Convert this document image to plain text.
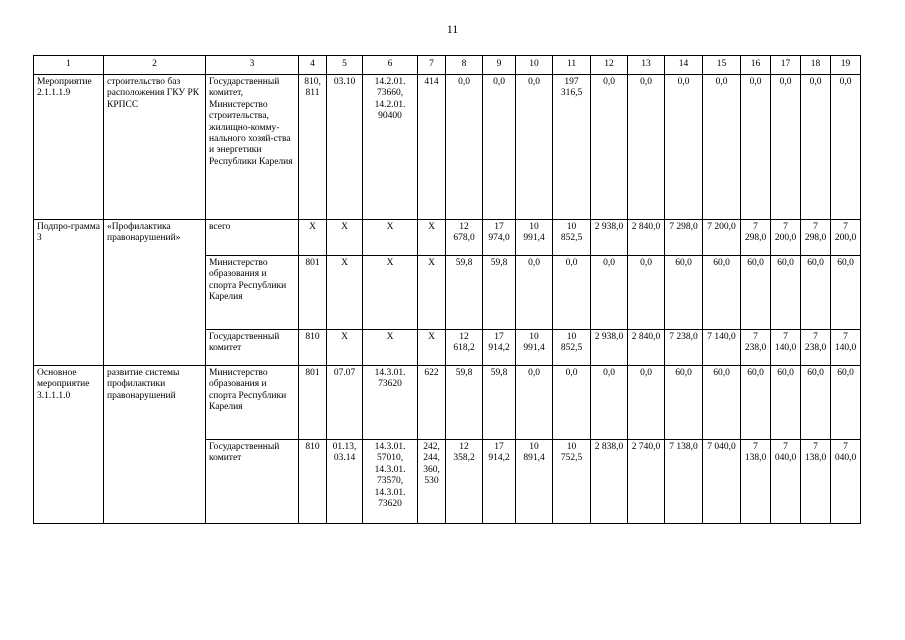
11
1	2	3	4	5	6	7	8	9	10	11	12	13	14	15	16	17	18	19
Мероприятие 2.1.1.1.9	строительство баз расположения ГКУ РК КРПСС	Государственный комитет, Министерство строительства, жилищно-комму-нального хозяй-ства и энергетики Республики Карелия	810, 811	03.10	14.2.01. 73660, 14.2.01. 90400	414	0,0	0,0	0,0	197 316,5	0,0	0,0	0,0	0,0	0,0	0,0	0,0	0,0
Подпро-грамма 3	«Профилактика правонарушений»	всего	Х	Х	Х	Х	12 678,0	17 974,0	10 991,4	10 852,5	2 938,0	2 840,0	7 298,0	7 200,0	7 298,0	7 200,0	7 298,0	7 200,0
		Министерство образования и спорта Республики Карелия	801	Х	Х	Х	59,8	59,8	0,0	0,0	0,0	0,0	60,0	60,0	60,0	60,0	60,0	60,0
		Государственный комитет	810	Х	Х	Х	12 618,2	17 914,2	10 991,4	10 852,5	2 938,0	2 840,0	7 238,0	7 140,0	7 238,0	7 140,0	7 238,0	7 140,0
Основное мероприятие 3.1.1.1.0	развитие системы профилактики правонарушений	Министерство образования и спорта Республики Карелия	801	07.07	14.3.01. 73620	622	59,8	59,8	0,0	0,0	0,0	0,0	60,0	60,0	60,0	60,0	60,0	60,0
		Государственный комитет	810	01.13, 03.14	14.3.01. 57010, 14.3.01. 73570, 14.3.01. 73620	242, 244, 360, 530	12 358,2	17 914,2	10 891,4	10 752,5	2 838,0	2 740,0	7 138,0	7 040,0	7 138,0	7 040,0	7 138,0	7 040,0
